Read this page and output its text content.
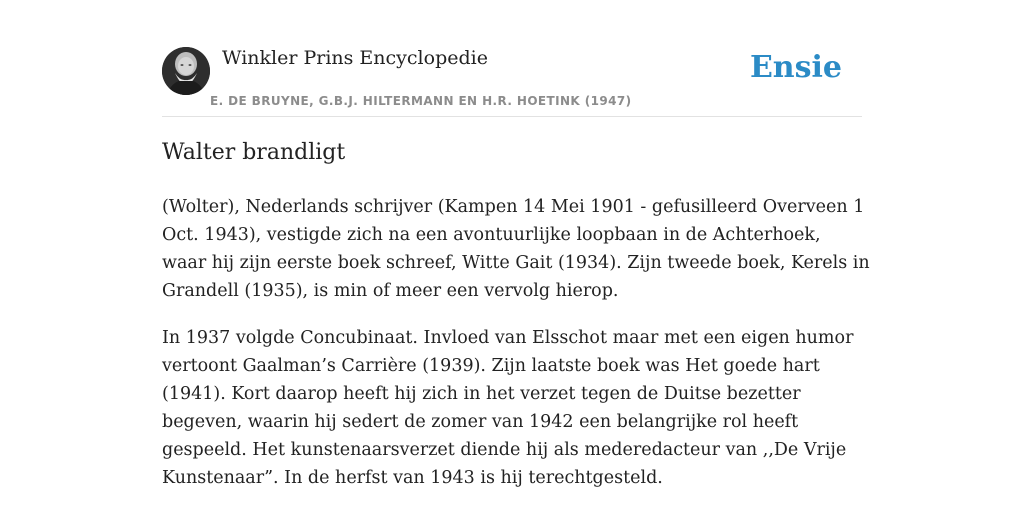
Winkler Prins Encyclopedie
E. DE BRUYNE, G.B.J. HILTERMANN EN H.R. HOETINK (1947)
Ensie
Walter brandligt

(Wolter), Nederlands schrijver (Kampen 14 Mei 1901 - gefusilleerd Overveen 1 Oct. 1943), vestigde zich na een avontuurlijke loopbaan in de Achterhoek, waar hij zijn eerste boek schreef, Witte Gait (1934). Zijn tweede boek, Kerels in Grandell (1935), is min of meer een vervolg hierop.

In 1937 volgde Concubinaat. Invloed van Elsschot maar met een eigen humor vertoont Gaalman’s Carrière (1939). Zijn laatste boek was Het goede hart (1941). Kort daarop heeft hij zich in het verzet tegen de Duitse bezetter begeven, waarin hij sedert de zomer van 1942 een belangrijke rol heeft gespeeld. Het kunstenaarsverzet diende hij als mederedacteur van ,,De Vrije Kunstenaar”. In de herfst van 1943 is hij terechtgesteld.
